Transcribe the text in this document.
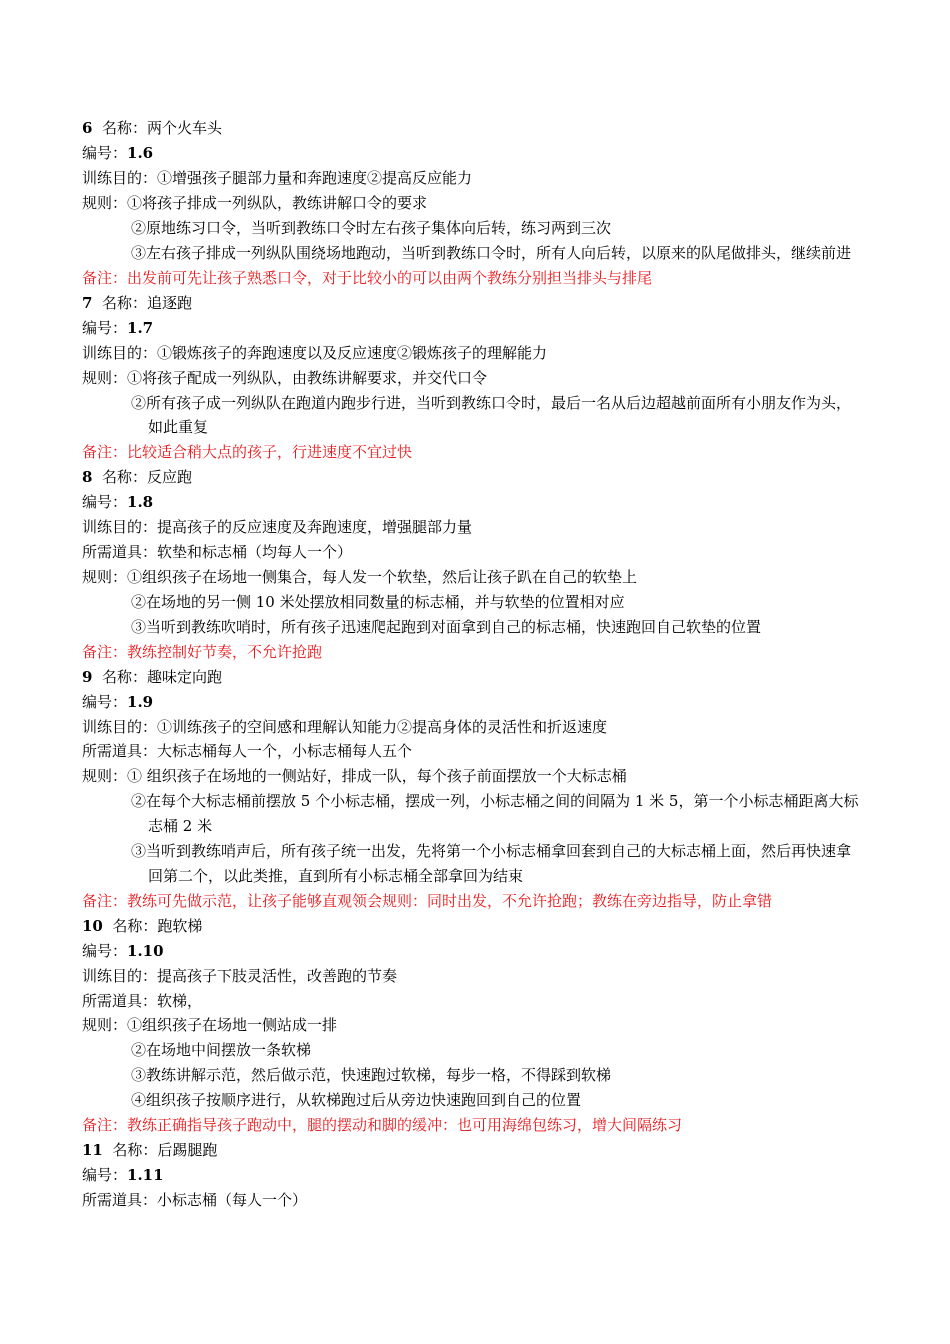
6 名称：两个火车头
编号：1.6
训练目的：①增强孩子腿部力量和奔跑速度②提高反应能力
规则：①将孩子排成一列纵队，教练讲解口令的要求
②原地练习口令，当听到教练口令时左右孩子集体向后转，练习两到三次
③左右孩子排成一列纵队围绕场地跑动，当听到教练口令时，所有人向后转，以原来的队尾做排头，继续前进
备注：出发前可先让孩子熟悉口令，对于比较小的可以由两个教练分别担当排头与排尾
7 名称：追逐跑
编号：1.7
训练目的：①锻炼孩子的奔跑速度以及反应速度②锻炼孩子的理解能力
规则：①将孩子配成一列纵队，由教练讲解要求，并交代口令
②所有孩子成一列纵队在跑道内跑步行进，当听到教练口令时，最后一名从后边超越前面所有小朋友作为头，
如此重复
备注：比较适合稍大点的孩子，行进速度不宜过快
8 名称：反应跑
编号：1.8
训练目的：提高孩子的反应速度及奔跑速度，增强腿部力量
所需道具：软垫和标志桶（均每人一个）
规则：①组织孩子在场地一侧集合，每人发一个软垫，然后让孩子趴在自己的软垫上
②在场地的另一侧 10 米处摆放相同数量的标志桶，并与软垫的位置相对应
③当听到教练吹哨时，所有孩子迅速爬起跑到对面拿到自己的标志桶，快速跑回自己软垫的位置
备注：教练控制好节奏，不允许抢跑
9 名称：趣味定向跑
编号：1.9
训练目的：①训练孩子的空间感和理解认知能力②提高身体的灵活性和折返速度
所需道具：大标志桶每人一个，小标志桶每人五个
规则：① 组织孩子在场地的一侧站好，排成一队，每个孩子前面摆放一个大标志桶
②在每个大标志桶前摆放 5 个小标志桶，摆成一列，小标志桶之间的间隔为 1 米 5，第一个小标志桶距离大标
志桶 2 米
③当听到教练哨声后，所有孩子统一出发，先将第一个小标志桶拿回套到自己的大标志桶上面，然后再快速拿
回第二个，以此类推，直到所有小标志桶全部拿回为结束
备注：教练可先做示范，让孩子能够直观领会规则：同时出发，不允许抢跑；教练在旁边指导，防止拿错
10 名称：跑软梯
编号：1.10
训练目的：提高孩子下肢灵活性，改善跑的节奏
所需道具：软梯，
规则：①组织孩子在场地一侧站成一排
②在场地中间摆放一条软梯
③教练讲解示范，然后做示范，快速跑过软梯，每步一格，不得踩到软梯
④组织孩子按顺序进行，从软梯跑过后从旁边快速跑回到自己的位置
备注：教练正确指导孩子跑动中，腿的摆动和脚的缓冲：也可用海绵包练习，增大间隔练习
11 名称：后踢腿跑
编号：1.11
所需道具：小标志桶（每人一个）
